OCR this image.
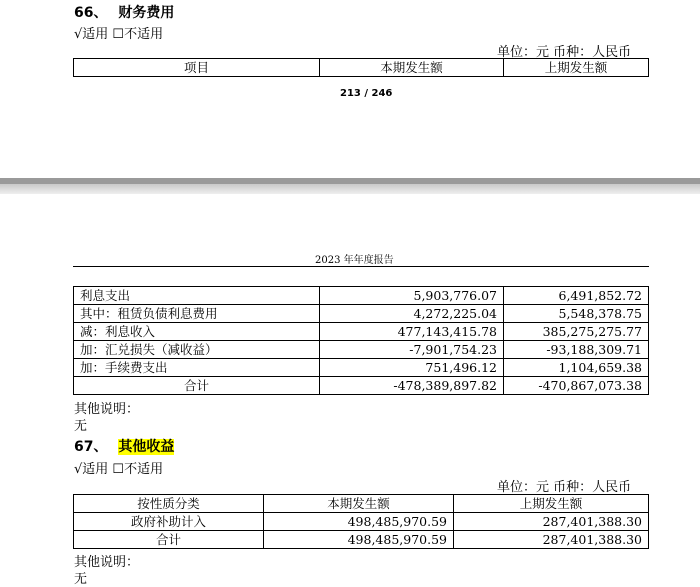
66、 财务费用
√适用 ☐不适用
单位：元 币种：人民币
项目	本期发生额	上期发生额
213 / 246
2023 年年度报告
利息支出	5,903,776.07	6,491,852.72
其中：租赁负债利息费用	4,272,225.04	5,548,378.75
减：利息收入	477,143,415.78	385,275,275.77
加：汇兑损失（减收益）	-7,901,754.23	-93,188,309.71
加：手续费支出	751,496.12	1,104,659.38
合计	-478,389,897.82	-470,867,073.38
其他说明：
无
67、 其他收益
√适用 ☐不适用
单位：元 币种：人民币
按性质分类	本期发生额	上期发生额
政府补助计入	498,485,970.59	287,401,388.30
合计	498,485,970.59	287,401,388.30
其他说明：
无
